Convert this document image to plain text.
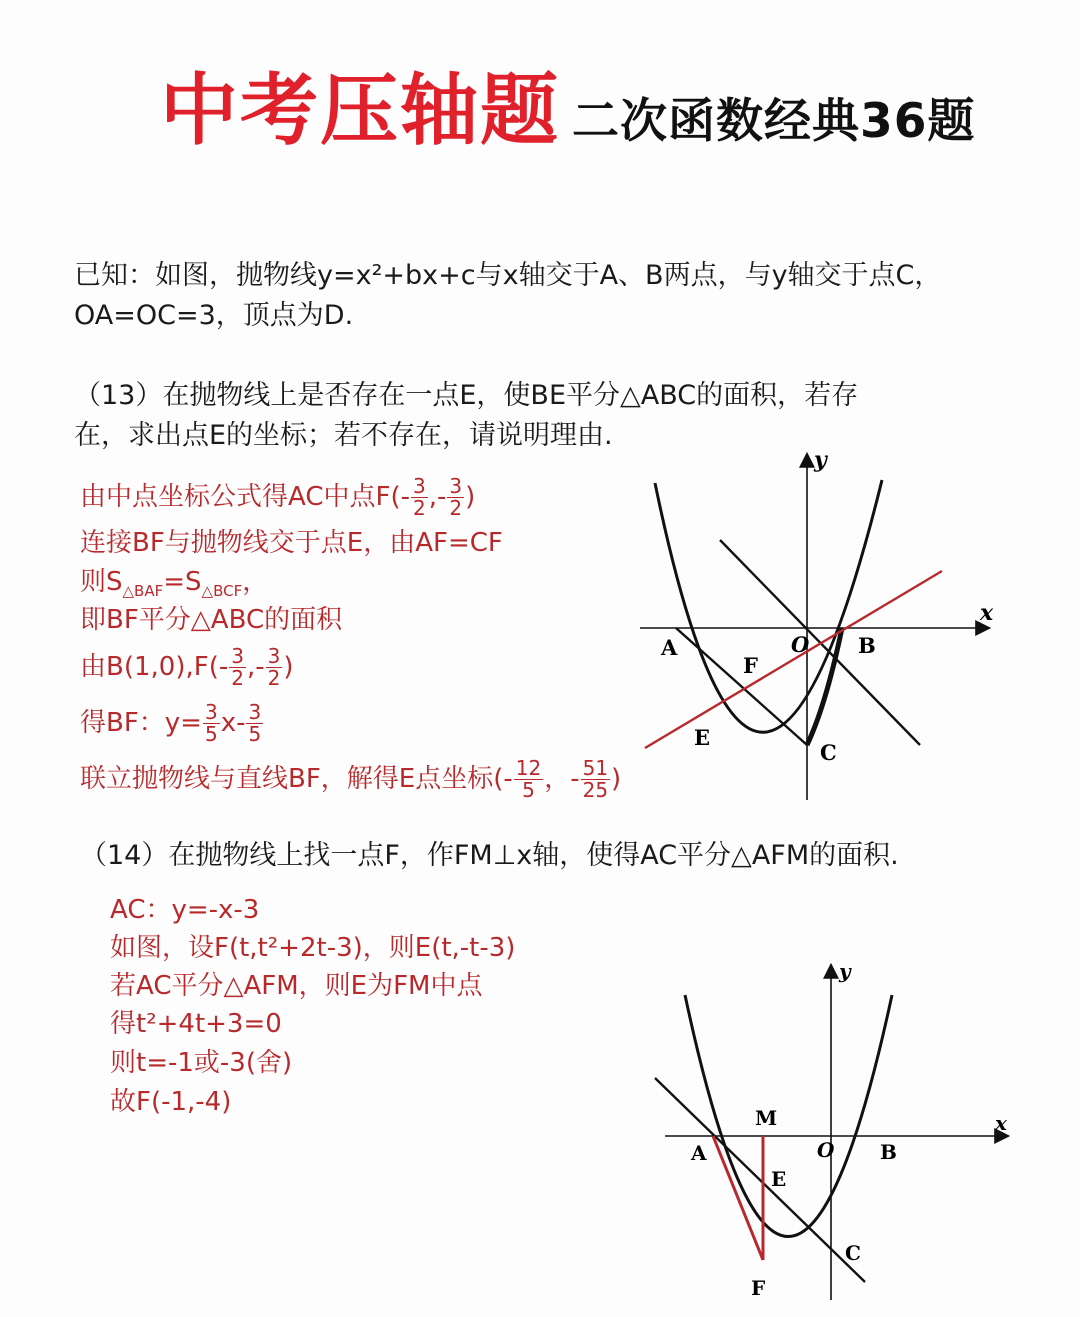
中考压轴题 二次函数经典36题
已知：如图，抛物线y=x²+bx+c与x轴交于A、B两点，与y轴交于点C，
OA=OC=3，顶点为D.
（13）在抛物线上是否存在一点E，使BE平分△ABC的面积，若存
在，求出点E的坐标；若不存在，请说明理由.
由中点坐标公式得AC中点$F(- \frac{3}{2}$ ,- $\frac{3}{2}$ )
连接BF与抛物线交于点E，由AF=CF
则$S_{\triangle BAF}=S_{\triangle BCF}$，
即BF平分△ABC的面积
由$B(1,0),F(- \frac{3}{2}$ ,- $\frac{3}{2}$ )
得BF：$y= \frac{3}{5} x- \frac{3}{5}$
联立抛物线与直线BF，解得E点坐标(- $\frac{12}{5}$ ，- $\frac{51}{25}$ )
y
x
A	O B
F
E
C
（14）在抛物线上找一点F，作FM⊥x轴，使得AC平分△AFM的面积.
AC：y=-x-3
如图，设F(t,t²+2t-3)，则E(t,-t-3)
若AC平分△AFM，则E为FM中点
得t²+4t+3=0
则t=-1或-3(舍)
故F(-1,-4)
y
x
M
A	O B
E
C
F
